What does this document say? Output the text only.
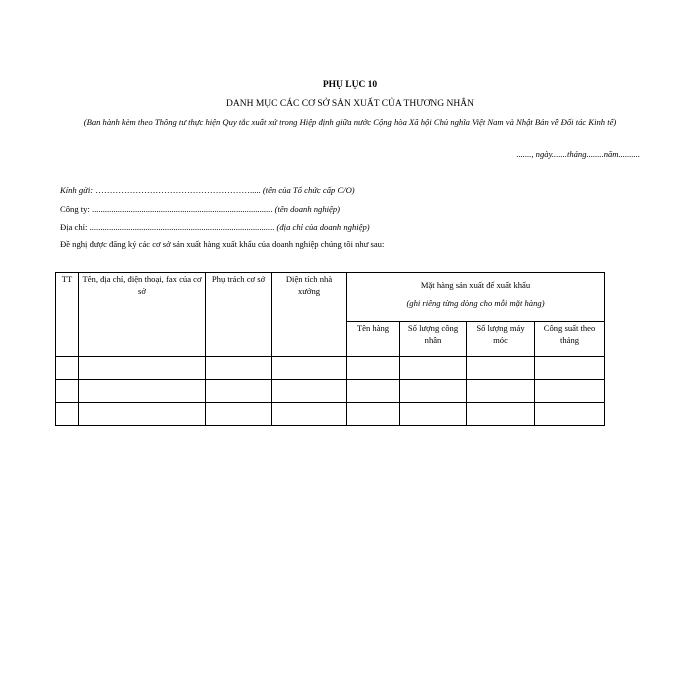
PHỤ LỤC 10
DANH MỤC CÁC CƠ SỞ SẢN XUẤT CỦA THƯƠNG NHÂN
(Ban hành kèm theo Thông tư thực hiện Quy tắc xuất xứ trong Hiệp định giữa nước Cộng hòa Xã hội Chủ nghĩa Việt Nam và Nhật Bản về Đối tác Kinh tế)
......., ngày.......tháng........năm..........
Kính gửi: ………………………………………………..... (tên của Tổ chức cấp C/O)
Công ty: .................................................................................... (tên doanh nghiệp)
Địa chỉ: ...................................................................................... (địa chỉ của doanh nghiệp)
Đề nghị được đăng ký các cơ sở sản xuất hàng xuất khẩu của doanh nghiệp chúng tôi như sau:
TT	Tên, địa chỉ, điện thoại, fax của cơ sở	Phụ trách cơ sở	Diện tích nhà xưởng	Mặt hàng sản xuất để xuất khẩu
(ghi riêng từng dòng cho mỗi mặt hàng)			

				Tên hàng	Số lượng công nhân	Số lượng máy móc	Công suất theo tháng
